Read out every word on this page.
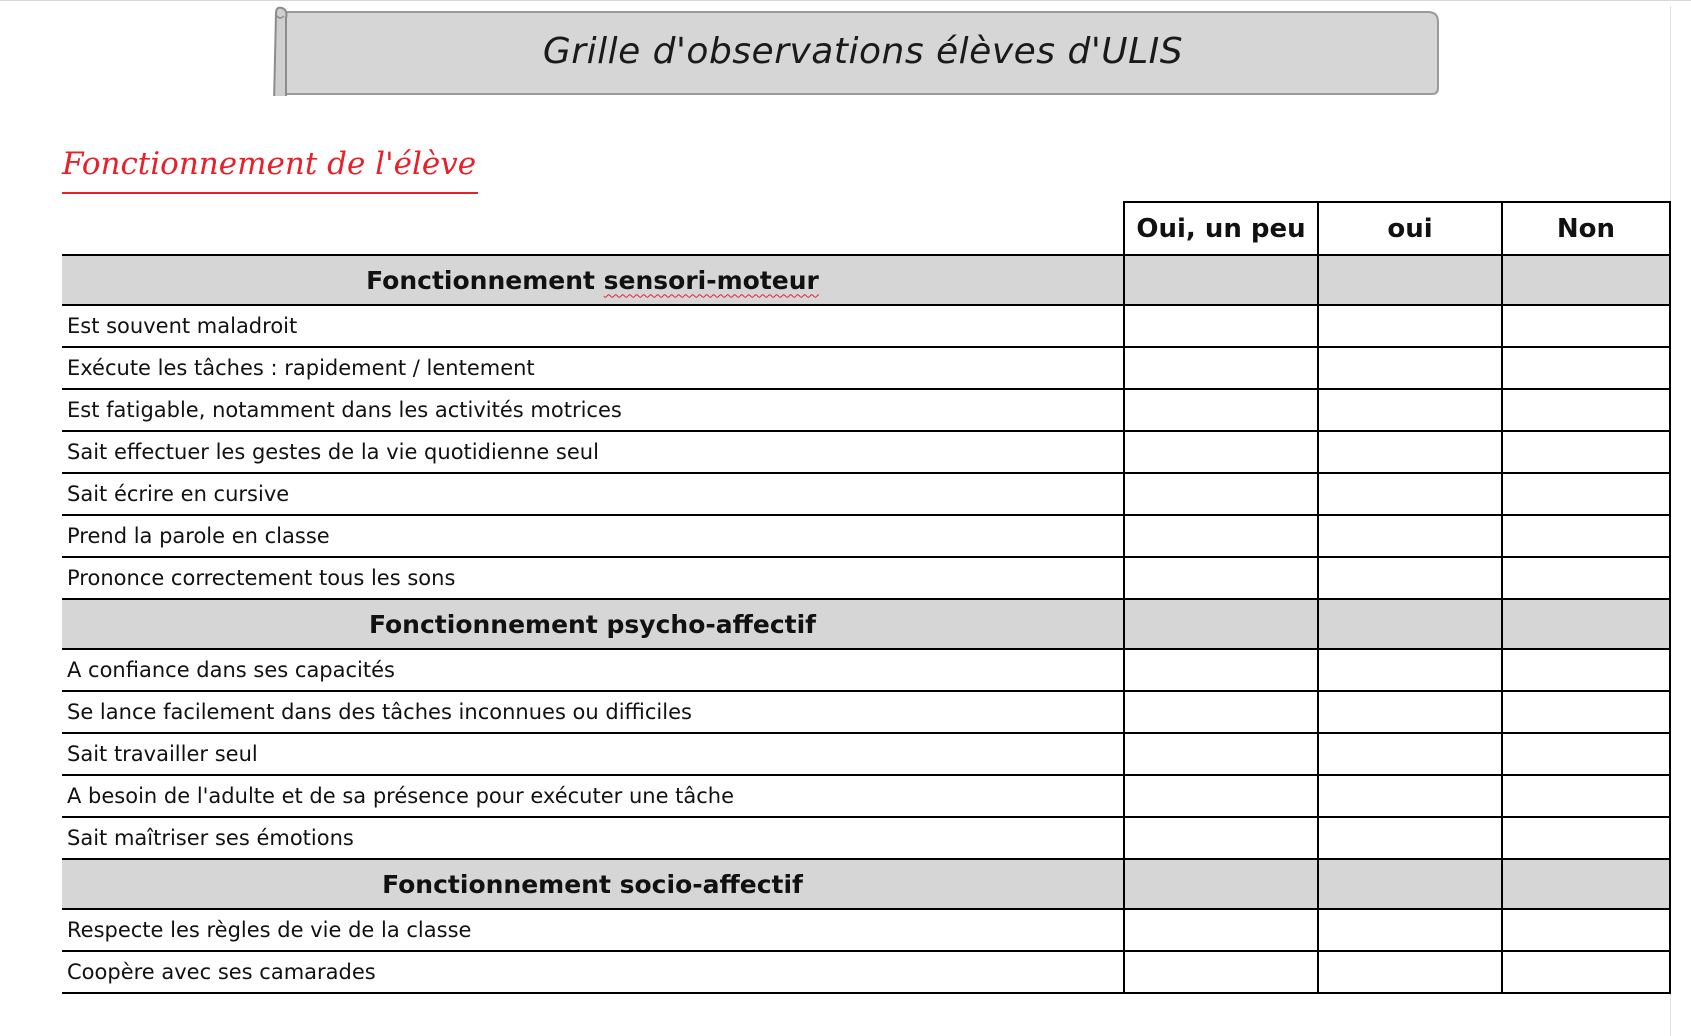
Grille d'observations élèves d'ULIS
Fonctionnement de l'élève
	Oui, un peu	oui	Non
Fonctionnement sensori-moteur			
Est souvent maladroit			
Exécute les tâches : rapidement / lentement			
Est fatigable, notamment dans les activités motrices			
Sait effectuer les gestes de la vie quotidienne seul			
Sait écrire en cursive			
Prend la parole en classe			
Prononce correctement tous les sons			
Fonctionnement psycho-affectif			
A confiance dans ses capacités			
Se lance facilement dans des tâches inconnues ou difficiles			
Sait travailler seul			
A besoin de l'adulte et de sa présence pour exécuter une tâche			
Sait maîtriser ses émotions			
Fonctionnement socio-affectif			
Respecte les règles de vie de la classe			
Coopère avec ses camarades			
